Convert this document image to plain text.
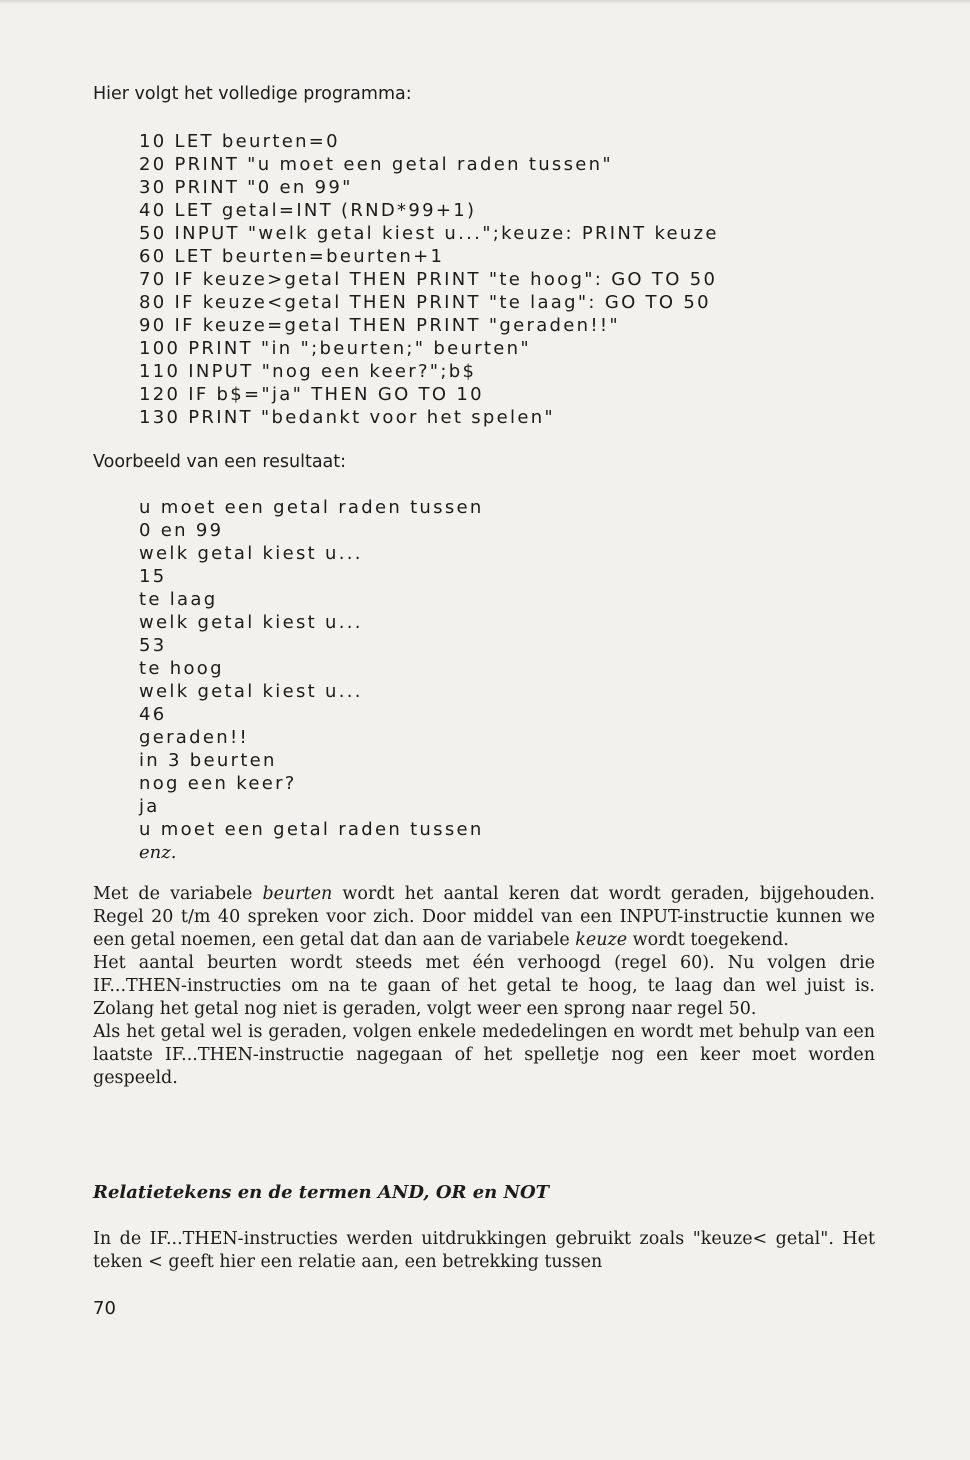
Hier volgt het volledige programma:
10 LET beurten=0
20 PRINT "u moet een getal raden tussen"
30 PRINT "0 en 99"
40 LET getal=INT (RND*99+1)
50 INPUT "welk getal kiest u...";keuze: PRINT keuze
60 LET beurten=beurten+1
70 IF keuze>getal THEN PRINT "te hoog": GO TO 50
80 IF keuze<getal THEN PRINT "te laag": GO TO 50
90 IF keuze=getal THEN PRINT "geraden!!"
100 PRINT "in ";beurten;" beurten"
110 INPUT "nog een keer?";b$
120 IF b$="ja" THEN GO TO 10
130 PRINT "bedankt voor het spelen"
Voorbeeld van een resultaat:
u moet een getal raden tussen
0 en 99
welk getal kiest u...
15
te laag
welk getal kiest u...
53
te hoog
welk getal kiest u...
46
geraden!!
in 3 beurten
nog een keer?
ja
u moet een getal raden tussen
enz.

Met de variabele beurten wordt het aantal keren dat wordt geraden, bijgehouden. Regel 20 t/m 40 spreken voor zich. Door middel van een INPUT-instructie kunnen we een getal noemen, een getal dat dan aan de variabele keuze wordt toegekend.

Het aantal beurten wordt steeds met één verhoogd (regel 60). Nu volgen drie IF...THEN-instructies om na te gaan of het getal te hoog, te laag dan wel juist is. Zolang het getal nog niet is geraden, volgt weer een sprong naar regel 50.

Als het getal wel is geraden, volgen enkele mededelingen en wordt met behulp van een laatste IF...THEN-instructie nagegaan of het spelletje nog een keer moet worden gespeeld.

Relatietekens en de termen AND, OR en NOT
In de IF...THEN-instructies werden uitdrukkingen gebruikt zoals "keuze< getal". Het teken < geeft hier een relatie aan, een betrekking tussen
70
